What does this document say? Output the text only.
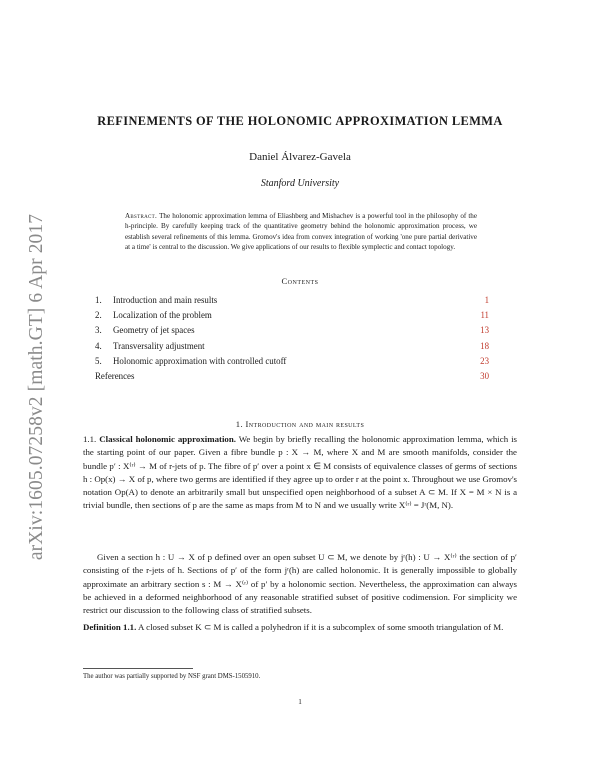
arXiv:1605.07258v2 [math.GT] 6 Apr 2017
REFINEMENTS OF THE HOLONOMIC APPROXIMATION LEMMA
Daniel Álvarez-Gavela
Stanford University
Abstract. The holonomic approximation lemma of Eliashberg and Mishachev is a powerful tool in the philosophy of the h-principle. By carefully keeping track of the quantitative geometry behind the holonomic approximation process, we establish several refinements of this lemma. Gromov's idea from convex integration of working 'one pure partial derivative at a time' is central to the discussion. We give applications of our results to flexible symplectic and contact topology.
Contents
1. Introduction and main results	1
2. Localization of the problem	11
3. Geometry of jet spaces	13
4. Transversality adjustment	18
5. Holonomic approximation with controlled cutoff	23
References	30
1. Introduction and main results
1.1. Classical holonomic approximation. We begin by briefly recalling the holonomic approximation lemma, which is the starting point of our paper. Given a fibre bundle p : X → M, where X and M are smooth manifolds, consider the bundle p′ : X⁽ʳ⁾ → M of r-jets of p. The fibre of p′ over a point x ∈ M consists of equivalence classes of germs of sections h : Op(x) → X of p, where two germs are identified if they agree up to order r at the point x. Throughout we use Gromov's notation Op(A) to denote an arbitrarily small but unspecified open neighborhood of a subset A ⊂ M. If X = M × N is a trivial bundle, then sections of p are the same as maps from M to N and we usually write X⁽ʳ⁾ = Jʳ(M, N).
Given a section h : U → X of p defined over an open subset U ⊂ M, we denote by jʳ(h) : U → X⁽ʳ⁾ the section of p′ consisting of the r-jets of h. Sections of p′ of the form jʳ(h) are called holonomic. It is generally impossible to globally approximate an arbitrary section s : M → X⁽ʳ⁾ of p′ by a holonomic section. Nevertheless, the approximation can always be achieved in a deformed neighborhood of any reasonable stratified subset of positive codimension. For simplicity we restrict our discussion to the following class of stratified subsets.
Definition 1.1. A closed subset K ⊂ M is called a polyhedron if it is a subcomplex of some smooth triangulation of M.
The author was partially supported by NSF grant DMS-1505910.
1
